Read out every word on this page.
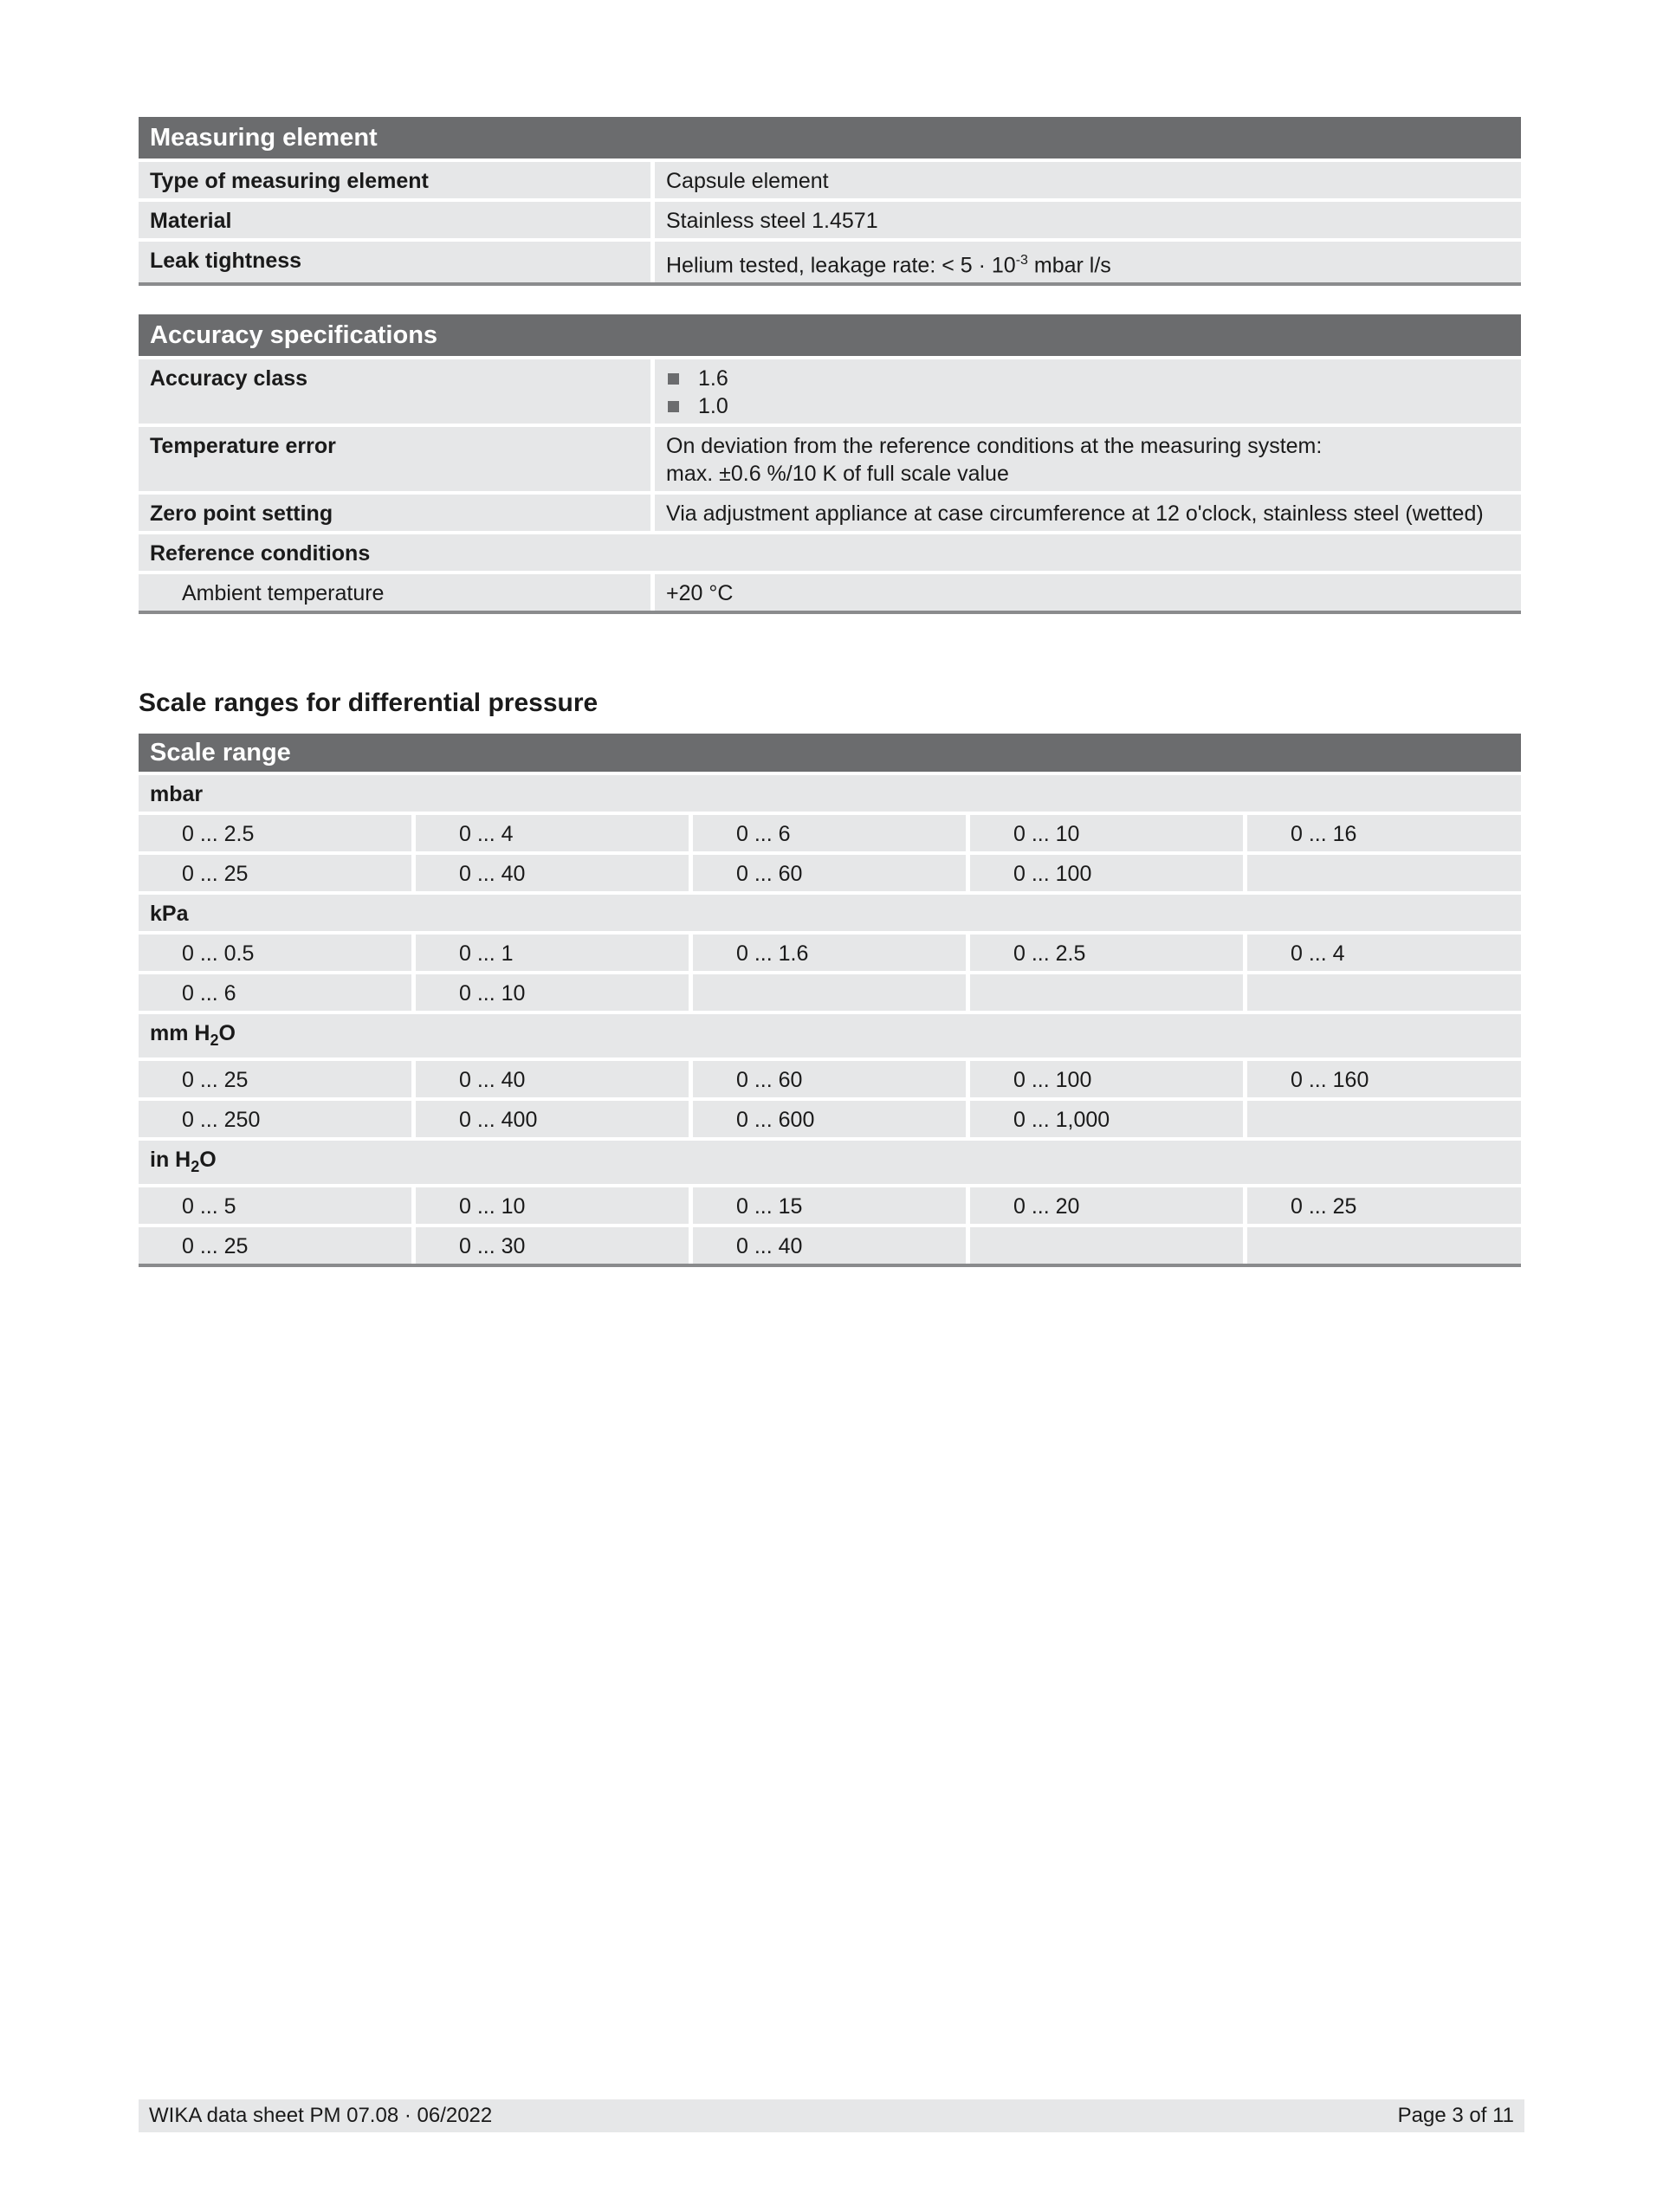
Measuring element
Type of measuring element	Capsule element
Material	Stainless steel 1.4571
Leak tightness	Helium tested, leakage rate: < $5 \cdot 10^{-3}$ mbar l/s
Accuracy specifications
Accuracy class	1.6
1.0
Temperature error	On deviation from the reference conditions at the measuring system:
max. ±0.6 %/10 K of full scale value
Zero point setting	Via adjustment appliance at case circumference at 12 o'clock, stainless steel (wetted)
Reference conditions
Ambient temperature	+20 °C
Scale ranges for differential pressure
Scale range
mbar
0 ... 2.5	0 ... 4	0 ... 6	0 ... 10	0 ... 16
0 ... 25	0 ... 40	0 ... 60	0 ... 100
kPa
0 ... 0.5	0 ... 1	0 ... 1.6	0 ... 2.5	0 ... 4
0 ... 6	0 ... 10
mm $H_2O$
0 ... 25	0 ... 40	0 ... 60	0 ... 100	0 ... 160
0 ... 250	0 ... 400	0 ... 600	0 ... 1,000
in $H_2O$
0 ... 5	0 ... 10	0 ... 15	0 ... 20	0 ... 25
0 ... 25	0 ... 30	0 ... 40
WIKA data sheet PM 07.08 · 06/2022	Page 3 of 11
